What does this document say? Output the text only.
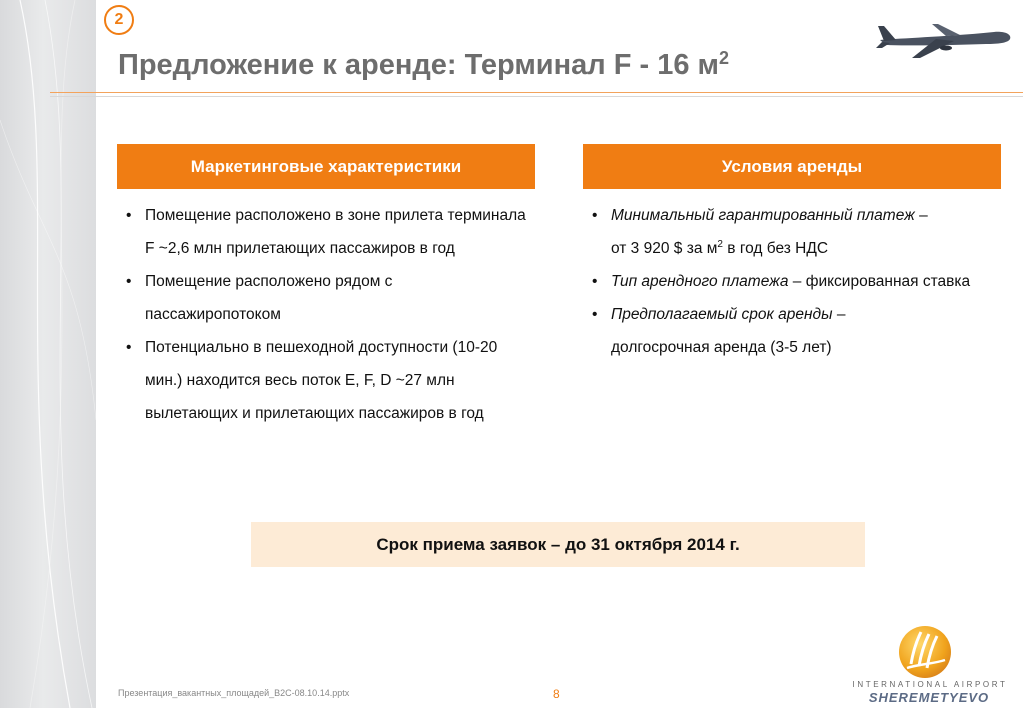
2
Предложение к аренде: Терминал F - 16 $м^2$
Маркетинговые характеристики	Условия аренды
• Помещение расположено в зоне прилета терминала F ~2,6 млн прилетающих пассажиров в год
• Помещение расположено рядом с пассажиропотоком
• Потенциально в пешеходной доступности (10-20 мин.) находится весь поток E, F, D ~27 млн вылетающих и прилетающих пассажиров в год
• Минимальный гарантированный платеж –
от 3 920 $ за $м^2$ в год без НДС
• Тип арендного платежа – фиксированная ставка
• Предполагаемый срок аренды –
долгосрочная аренда (3-5 лет)
Срок приема заявок – до 31 октября 2014 г.
Презентация_вакантных_площадей_B2C-08.10.14.pptx	8
INTERNATIONAL AIRPORT
SHEREMETYEVO
